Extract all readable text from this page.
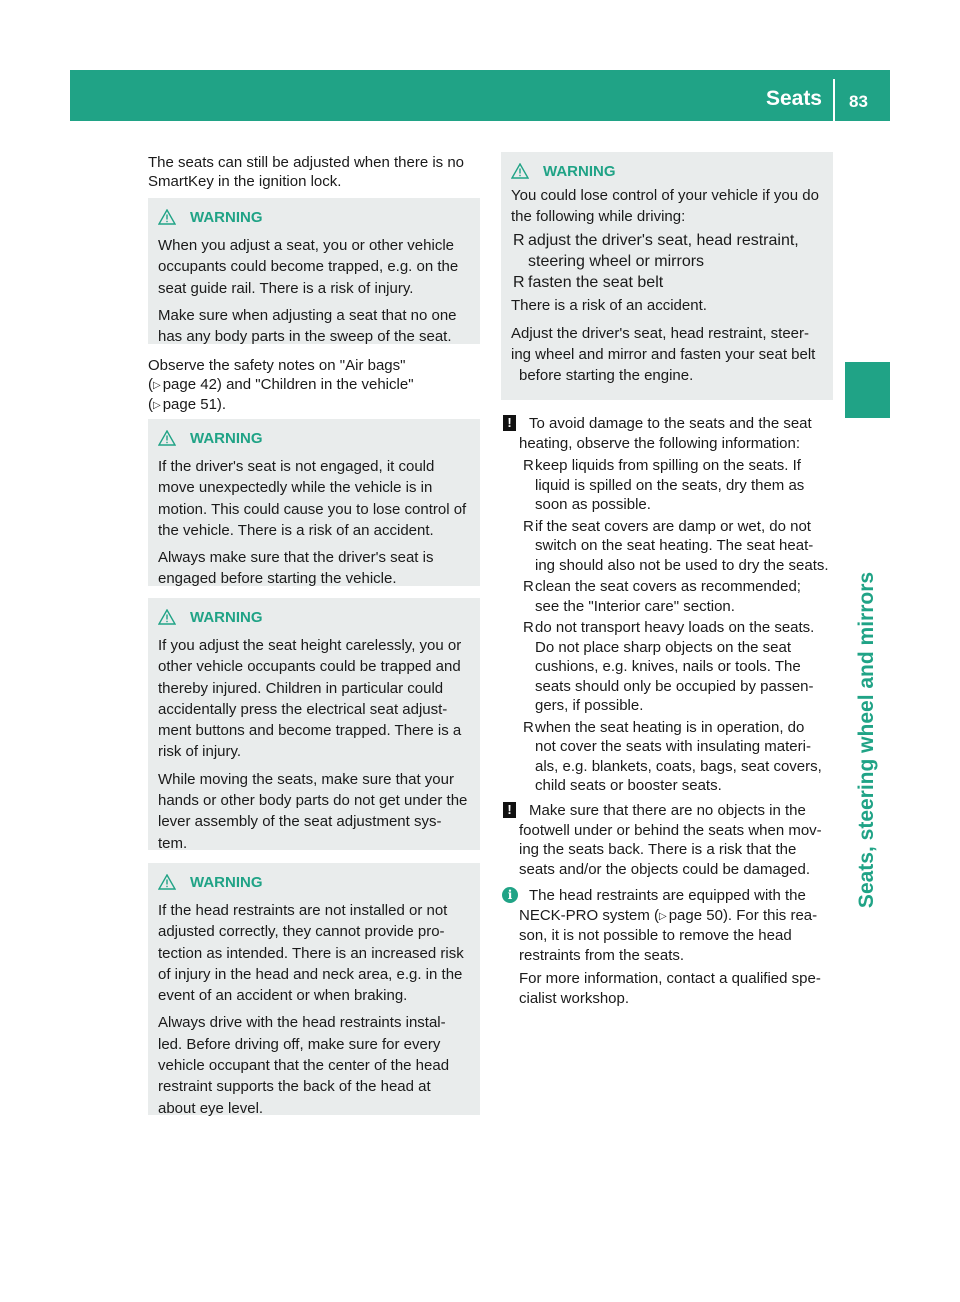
Seats 83
Seats, steering wheel and mirrors
The seats can still be adjusted when there is no
SmartKey in the ignition lock.
WARNING

When you adjust a seat, you or other vehicle

occupants could become trapped, e.g. on the

seat guide rail. There is a risk of injury.

Make sure when adjusting a seat that no one

has any body parts in the sweep of the seat.

Observe the safety notes on "Air bags"
(▷ page 42) and "Children in the vehicle"
(▷ page 51).
WARNING

If the driver's seat is not engaged, it could

move unexpectedly while the vehicle is in

motion. This could cause you to lose control of

the vehicle. There is a risk of an accident.

Always make sure that the driver's seat is

engaged before starting the vehicle.

WARNING

If you adjust the seat height carelessly, you or

other vehicle occupants could be trapped and

thereby injured. Children in particular could

accidentally press the electrical seat adjust-

ment buttons and become trapped. There is a

risk of injury.

While moving the seats, make sure that your

hands or other body parts do not get under the

lever assembly of the seat adjustment sys-

tem.

WARNING

If the head restraints are not installed or not

adjusted correctly, they cannot provide pro-

tection as intended. There is an increased risk

of injury in the head and neck area, e.g. in the

event of an accident or when braking.

Always drive with the head restraints instal-

led. Before driving off, make sure for every

vehicle occupant that the center of the head

restraint supports the back of the head at

about eye level.

WARNING

You could lose control of your vehicle if you do

the following while driving:

R adjust the driver's seat, head restraint,
steering wheel or mirrors
R fasten the seat belt

There is a risk of an accident.

Adjust the driver's seat, head restraint, steer-

ing wheel and mirror and fasten your seat belt

before starting the engine.

!	To avoid damage to the seats and the seat

heating, observe the following information:

R keep liquids from spilling on the seats. If
liquid is spilled on the seats, dry them as
soon as possible.
R if the seat covers are damp or wet, do not
switch on the seat heating. The seat heat-
ing should also not be used to dry the seats.
R clean the seat covers as recommended;
see the "Interior care" section.
R do not transport heavy loads on the seats.
Do not place sharp objects on the seat
cushions, e.g. knives, nails or tools. The
seats should only be occupied by passen-
gers, if possible.
R when the seat heating is in operation, do
not cover the seats with insulating materi-
als, e.g. blankets, coats, bags, seat covers,
child seats or booster seats.
!	Make sure that there are no objects in the

footwell under or behind the seats when mov-

ing the seats back. There is a risk that the

seats and/or the objects could be damaged.

i	The head restraints are equipped with the

NECK-PRO system (▷ page 50). For this rea-

son, it is not possible to remove the head

restraints from the seats.

For more information, contact a qualified spe-

cialist workshop.
